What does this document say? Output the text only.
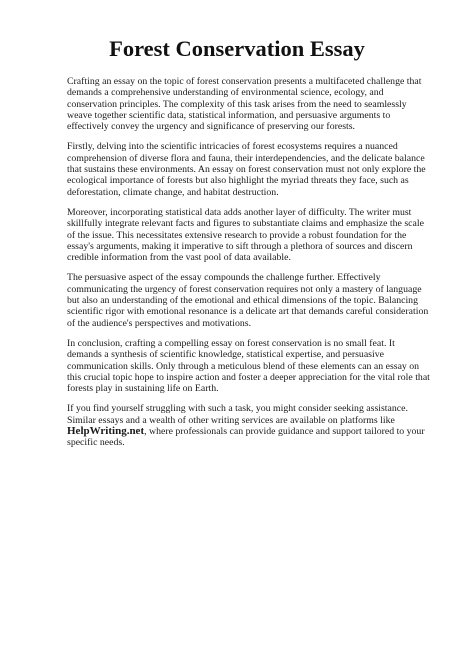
Forest Conservation Essay

Crafting an essay on the topic of forest conservation presents a multifaceted challenge that demands a comprehensive understanding of environmental science, ecology, and conservation principles. The complexity of this task arises from the need to seamlessly weave together scientific data, statistical information, and persuasive arguments to effectively convey the urgency and significance of preserving our forests.

Firstly, delving into the scientific intricacies of forest ecosystems requires a nuanced comprehension of diverse flora and fauna, their interdependencies, and the delicate balance that sustains these environments. An essay on forest conservation must not only explore the ecological importance of forests but also highlight the myriad threats they face, such as deforestation, climate change, and habitat destruction.

Moreover, incorporating statistical data adds another layer of difficulty. The writer must skillfully integrate relevant facts and figures to substantiate claims and emphasize the scale of the issue. This necessitates extensive research to provide a robust foundation for the essay's arguments, making it imperative to sift through a plethora of sources and discern credible information from the vast pool of data available.

The persuasive aspect of the essay compounds the challenge further. Effectively communicating the urgency of forest conservation requires not only a mastery of language but also an understanding of the emotional and ethical dimensions of the topic. Balancing scientific rigor with emotional resonance is a delicate art that demands careful consideration of the audience's perspectives and motivations.

In conclusion, crafting a compelling essay on forest conservation is no small feat. It demands a synthesis of scientific knowledge, statistical expertise, and persuasive communication skills. Only through a meticulous blend of these elements can an essay on this crucial topic hope to inspire action and foster a deeper appreciation for the vital role that forests play in sustaining life on Earth.

If you find yourself struggling with such a task, you might consider seeking assistance. Similar essays and a wealth of other writing services are available on platforms like HelpWriting.net, where professionals can provide guidance and support tailored to your specific needs.
